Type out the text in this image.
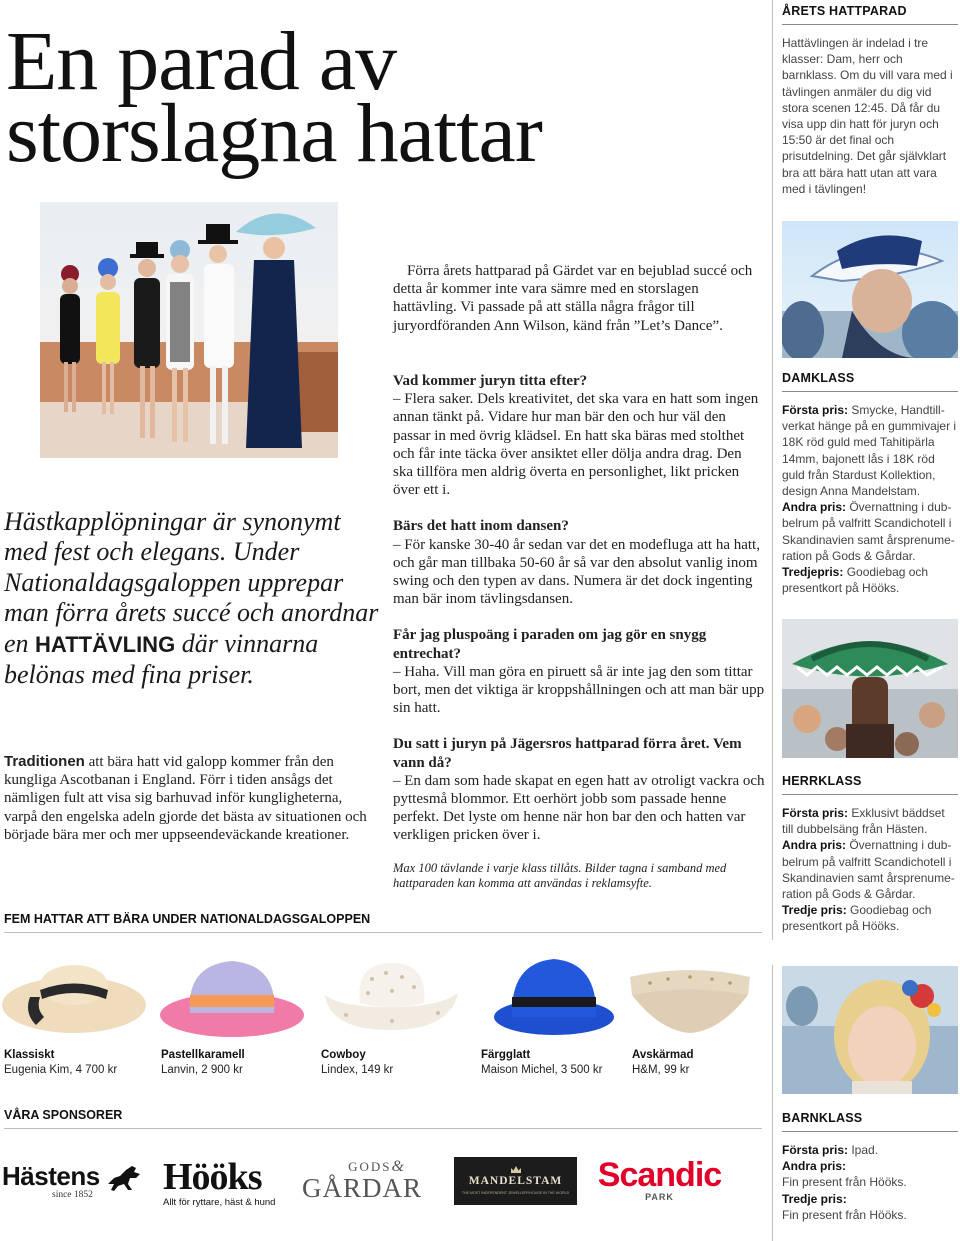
En parad av
storslagna hattar
ÅRETS HATTPARAD
Hattävlingen är indelad i tre klasser: Dam, herr och barnklass. Om du vill vara med i tävlingen anmäler du dig vid stora scenen 12:45. Då får du visa upp din hatt för juryn och 15:50 är det final och prisutdelning. Det går självklart bra att bära hatt utan att vara med i tävlingen!
DAMKLASS
Första pris: Smycke, Handtill-verkat hänge på en gummivajer i 18K röd guld med Tahitipärla 14mm, bajonett lås i 18K röd guld från Stardust Kollektion, design Anna Mandelstam.
Andra pris: Övernattning i dub-belrum på valfritt Scandichotell i Skandinavien samt årsprenume-ration på Gods & Gårdar.
Tredjepris: Goodiebag och presentkort på Hööks.
HERRKLASS
Första pris: Exklusivt bäddset till dubbelsäng från Hästen.
Andra pris: Övernattning i dub-belrum på valfritt Scandichotell i Skandinavien samt årsprenume-ration på Gods & Gårdar.
Tredje pris: Goodiebag och presentkort på Hööks.
BARNKLASS
Första pris: Ipad.
Andra pris:
Fin present från Hööks.
Tredje pris:
Fin present från Hööks.

Förra årets hattparad på Gärdet var en bejublad succé och detta år kommer inte vara sämre med en storslagen hattävling. Vi passade på att ställa några frågor till juryordföranden Ann Wilson, känd från ”Let’s Dance”.

Vad kommer juryn titta efter?

– Flera saker. Dels kreativitet, det ska vara en hatt som ingen annan tänkt på. Vidare hur man bär den och hur väl den passar in med övrig klädsel. En hatt ska bäras med stolthet och får inte täcka över ansiktet eller dölja andra drag. Den ska tillföra men aldrig överta en personlighet, likt pricken över ett i.

Bärs det hatt inom dansen?

– För kanske 30-40 år sedan var det en modefluga att ha hatt, och går man tillbaka 50-60 år så var den absolut vanlig inom swing och den typen av dans. Numera är det dock ingenting man bär inom tävlingsdansen.

Får jag pluspoäng i paraden om jag gör en snygg entrechat?

– Haha. Vill man göra en piruett så är inte jag den som tittar bort, men det viktiga är kroppshållningen och att man bär upp sin hatt.

Du satt i juryn på Jägersros hattparad förra året. Vem vann då?

– En dam som hade skapat en egen hatt av otroligt vackra och pyttesmå blommor. Ett oerhört jobb som passade henne perfekt. Det lyste om henne när hon bar den och hatten var verkligen pricken över i.

Max 100 tävlande i varje klass tillåts. Bilder tagna i samband med hattparaden kan komma att användas i reklamsyfte.

Hästkapplöpningar är synonymt med fest och elegans. Under Nationaldagsgaloppen upprepar man förra årets succé och anordnar en HATTÄVLING där vinnarna belönas med fina priser.
Traditionen att bära hatt vid galopp kommer från den kungliga Ascotbanan i England. Förr i tiden ansågs det nämligen fult att visa sig barhuvad inför kungligheterna, varpå den engelska adeln gjorde det bästa av situationen och började bära mer och mer uppseendeväckande kreationer.
FEM HATTAR ATT BÄRA UNDER NATIONALDAGSGALOPPEN
Klassiskt
Eugenia Kim, 4 700 kr
Pastellkaramell
Lanvin, 2 900 kr
Cowboy
Lindex, 149 kr
Färgglatt
Maison Michel, 3 500 kr
Avskärmad
H&M, 99 kr
VÅRA SPONSORER
Hästens
since 1852	Hööks
Allt för ryttare, häst & hund
GODS&
GÅRDAR	MANDELSTAM
THE MOST INDEPENDENT JEWELLERYHOUSE IN THE WORLD Scandic
PARK
